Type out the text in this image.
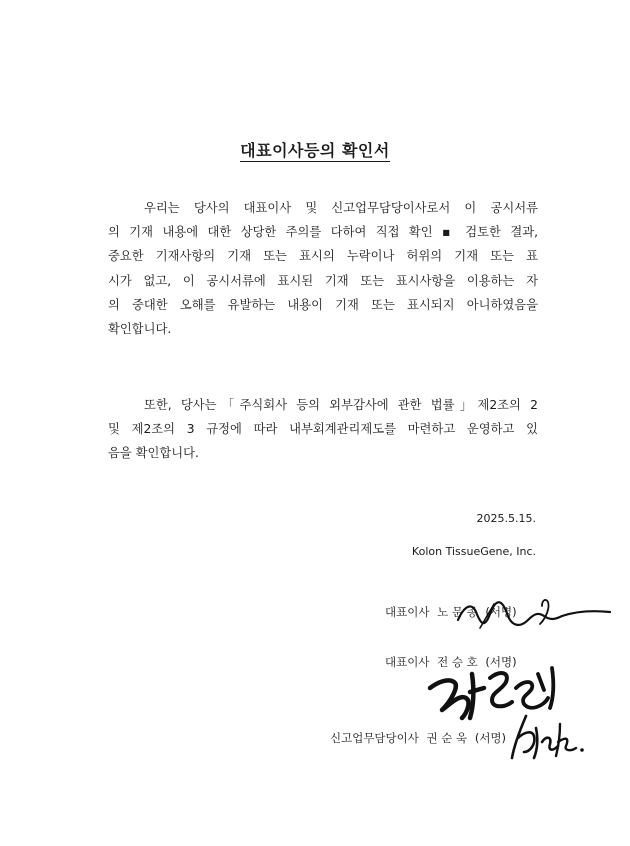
대표이사등의 확인서
우리는 당사의 대표이사 및 신고업무담당이사로서 이 공시서류
의 기재 내용에 대한 상당한 주의를 다하여 직접 확인 ▪ 검토한 결과,
중요한 기재사항의 기재 또는 표시의 누락이나 허위의 기재 또는 표
시가 없고, 이 공시서류에 표시된 기재 또는 표시사항을 이용하는 자
의 중대한 오해를 유발하는 내용이 기재 또는 표시되지 아니하였음을
확인합니다.
또한, 당사는「주식회사 등의 외부감사에 관한 법률」제2조의 2
및 제2조의 3 규정에 따라 내부회계관리제도를 마련하고 운영하고 있
음을 확인합니다.
2025.5.15.
Kolon TissueGene, Inc.
대표이사 노 문 종 (서명)
대표이사 전 승 호 (서명)
신고업무담당이사 권 순 욱 (서명)
